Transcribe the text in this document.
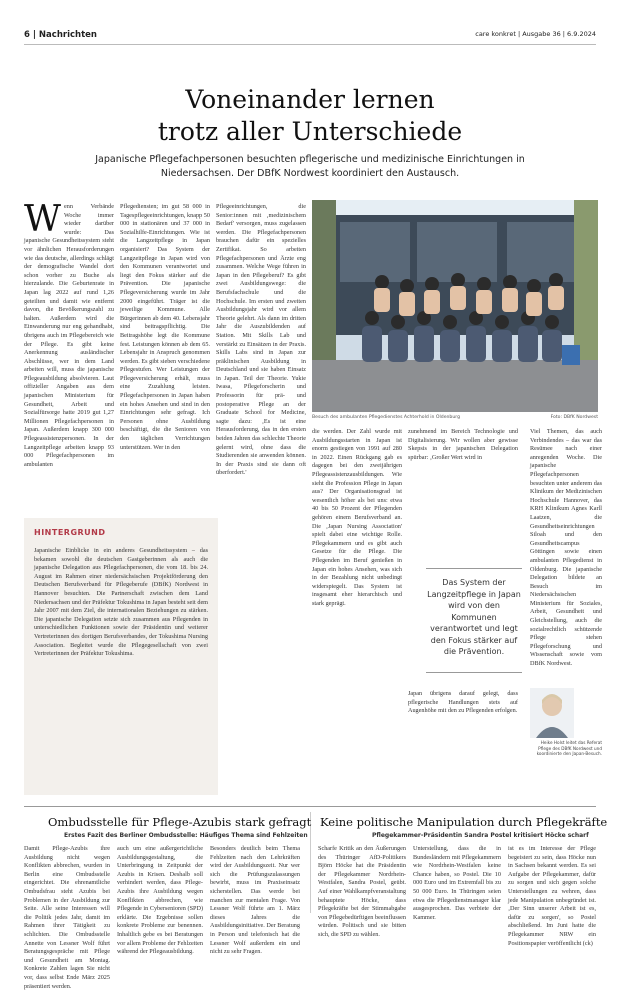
6 | Nachrichten	care konkret | Ausgabe 36 | 6.9.2024
Voneinander lernen
trotz aller Unterschiede
Japanische Pflegefachpersonen besuchten pflegerische und medizinische Einrichtungen in Niedersachsen. Der DBfK Nordwest koordiniert den Austausch.
Wenn Verbände Woche immer wieder darüber wurde: Das japanische Gesundheitssystem steht vor ähnlichen Herausforderungen wie das deutsche, allerdings schlägt der demografische Wandel dort schon vorher zu Buche als hierzulande. Die Geburtenrate in Japan lag 2022 auf rund 1,26 geteilten und damit wie entfernt davon, die Bevölkerungszahl zu halten. Außerdem wird die Einwanderung nur eng gehandhabt, übrigens auch im Pflegebereich wie der Pflege. Es gibt keine Anerkennung ausländischer Abschlüsse, wer in dem Land arbeiten will, muss die japanische Pflegeausbildung absolvieren. Laut offizieller Angaben aus dem japanischen Ministerium für Gesundheit, Arbeit und Sozialfürsorge hatte 2019 gut 1,27 Millionen Pflegefachpersonen in Japan. Außerdem knapp 300 000 Pflegeassistenzpersonen. In der Langzeitpflege arbeiten knapp 93 000 Pflegefachpersonen im ambulanten
Pflegediensten; im gut 58 000 in Tagespflegeeinrichtungen, knapp 50 000 in stationären und 37 000 in Sozialhilfe-Einrichtungen. Wie ist die Langzeitpflege in Japan organisiert? Das System der Langzeitpflege in Japan wird von den Kommunen verantwortet und liegt den Fokus stärker auf die Prävention. Die japanische Pflegeversicherung wurde im Jahr 2000 eingeführt. Träger ist die jeweilige Kommune. Alle Bürgerinnen ab dem 40. Lebensjahr sind beitragspflichtig. Die Beitragshöhe legt die Kommune fest. Leistungen können ab dem 65. Lebensjahr in Anspruch genommen werden. Es gibt sieben verschiedene Pflegestufen. Wer Leistungen der Pflegeversicherung erhält, muss eine Zuzahlung leisten. Pflegefachpersonen in Japan haben ein hohes Ansehen und sind in den Einrichtungen sehr gefragt. Ich Personen ohne Ausbildung beschäftigt, die die Senioren von den täglichen Verrichtungen unterstützen. Wer in den
Pflegeeinrichtungen, die Senior:innen mit ‚medizinischem Bedarf' versorgen, muss zugelassen werden. Die Pflegefachpersonen brauchen dafür ein spezielles Zertifikat. So arbeiten Pflegefachpersonen und Ärzte eng zusammen. Welche Wege führen in Japan in den Pflegeberuf? Es gibt zwei Ausbildungswege: die Berufsfachschule und die Hochschule. Im ersten und zweiten Ausbildungsjahr wird vor allem Theorie gelehrt. Als dann im dritten Jahr die Auszubildenden auf Station. Mit Skills Lab und verstärkt zu Einsätzen in der Praxis. Skills Labs sind in Japan zur präklinischen Ausbildung in Deutschland und sie haben Einsatz in Japan. Teil der Theorie. Yukie Iwasa, Pflegeforscherin und Professorin für prä- und postoperative Pflege an der Graduate School for Medicine, sagte dazu: ‚Es ist eine Herausforderung, das in den ersten beiden Jahren das schlechte Theorie gelernt wird, ohne dass die Studierenden sie anwenden können. In der Praxis sind sie dann oft überfordert.'
Besuch des ambulanten Pflegedienstes Achterhold in Oldenburg	Foto: DBfK Nordwest
die werden. Der Zahl wurde mit Ausbildungsstarten in Japan ist enorm gestiegen von 1991 auf 280 in 2022. Einen Rückgang gab es dagegen bei den zweijährigen Pflegeassistenzausbildungen. Wie sieht die Profession Pflege in Japan aus? Der Organisationsgrad ist wesentlich höher als bei uns: etwa 40 bis 50 Prozent der Pflegenden gehören einem Berufsverband an. Die ‚Japan Nursing Association' spielt dabei eine wichtige Rolle. Pflegekammern und es gibt auch Gesetze für die Pflege. Die Pflegenden im Beruf genießen in Japan ein hohes Ansehen, was sich in der Bezahlung nicht unbedingt widerspiegelt. Das System ist insgesamt eher hierarchisch und stark geprägt.
zunehmend im Bereich Technologie und Digitalisierung. Wir wollen aber gewisse Skepsis in der japanischen Delegation spürbar: ‚Großer Wert wird in
Japan übrigens darauf gelegt, dass pflegerische Handlungen stets auf Augenhöhe mit den zu Pflegenden erfolgen.
Viel Themen, das auch Verbindendes – das war das Resümee nach einer anregenden Woche. Die japanische Pflegefachpersonen besuchten unter anderem das Klinikum der Medizinischen Hochschule Hannover, das KRH Klinikum Agnes Karll Laatzen, die Gesundheitseinrichtungen Siloah und den Gesundheitscampus Göttingen sowie einen ambulanten Pflegedienst in Oldenburg. Die japanische Delegation bildete an Besuch im Niedersächsischen Ministerium für Soziales, Arbeit, Gesundheit und Gleichstellung, auch die sozialrechtlich schützende Pflege stehen Pflegeforschung und Wissenschaft sowie vom DBfK Nordwest.
Das System der Langzeitpflege in Japan wird von den Kommunen verantwortet und legt den Fokus stärker auf die Prävention.
Heike Holst leitet das Referat Pflege des DBfK Nordwest und koordinierte den Japan-Besuch.
HINTERGRUND
Japanische Einblicke in ein anderes Gesundheitssystem – das bekamen sowohl die deutschen Gastgeberinnen als auch die japanische Delegation aus Pflegefachpersonen, die vom 18. bis 24. August im Rahmen einer niedersächsischen Projektförderung den Deutschen Berufsverband für Pflegeberufe (DBfK) Nordwest in Hannover besuchten. Die Partnerschaft zwischen dem Land Niedersachsen und der Präfektur Tokushima in Japan besteht seit dem Jahr 2007 mit dem Ziel, die internationalen Beziehungen zu stärken. Die japanische Delegation setzte sich zusammen aus Pflegenden in unterschiedlichen Funktionen sowie der Präsidentin und weiterer Vertreterinnen des dortigen Berufsverbandes, der Tokushima Nursing Association. Begleitet wurde die Pflegegesellschaft von zwei Vertreterinnen der Präfektur Tokushima.
Ombudsstelle für Pflege-Azubis stark gefragt
Erstes Fazit des Berliner Ombudsstelle: Häufiges Thema sind Fehlzeiten
Damit Pflege-Azubis ihre Ausbildung nicht wegen Konflikten abbrechen, wurden in Berlin eine Ombudsstelle eingerichtet. Die ehrenamtliche Ombudsfrau steht Azubis bei Problemen in der Ausbildung zur Seite. Alle seine Interessen will die Politik jedes Jahr, damit im Rahmen ihrer Tätigkeit zu schlichten. Die Ombudsstelle Annette von Lessner Wolf führt Beratungsgespräche mit Pflege und Gesundheit am Montag. Konkrete Zahlen lagen Sie nicht vor, dass selbst Ende März 2025 präsentiert werden.
auch um eine außergerichtliche Ausbildungsgestaltung, die Unterbringung in Zeitpunkt der Azubis in Krisen. Deshalb soll verhindert werden, dass Pflege-Azubis ihre Ausbildung wegen Konflikten abbrechen, wie Pflegende in Cybersenioren (SPD) erklärte. Die Ergebnisse sollen konkrete Probleme zur benennen. Inhaltlich gebe es bei Beratungen vor allem Probleme der Fehlzeiten während der Pflegeausbildung.
Besonders deutlich beim Thema Fehlzeiten nach den Lehrkräften wird der Ausbildungszeit. Nur wer sich die Prüfungszulassungen bewirbt, muss im Praxiseinsatz sicherstellen. Das werde bei manchen zur mentalen Frage. Von Lessner Wolf führte am 1. März dieses Jahres die Ausbildungsinitiative. Der Beratung in Person und telefonisch hat die Lessner Wolf außerdem ein und nicht zu sehr Fragen.
Keine politische Manipulation durch Pflegekräfte
Pflegekammer-Präsidentin Sandra Postel kritisiert Höcke scharf
Scharfe Kritik an den Äußerungen des Thüringer AfD-Politikers Björn Höcke hat die Präsidentin der Pflegekammer Nordrhein-Westfalen, Sandra Postel, geübt. Auf einer Wahlkampfveranstaltung behauptete Höcke, dass Pflegekräfte bei der Stimmabgabe von Pflegebedürftigen beeinflussen würden. Politisch und sie bitten sich, die SPD zu wählen.
Unterstellung, dass die in Bundesländern mit Pflegekammern wie Nordrhein-Westfalen keine Chance haben, so Postel. Die 10 000 Euro und im Extremfall bis zu 50 000 Euro. In Thüringen seien etwa die Pflegedienstmanager klar ausgesprochen. Das verbiete der Kammer.
ist es im Interesse der Pflege begeistert zu sein, dass Höcke nun in Sachsen bekannt werden. Es sei Aufgabe der Pflegekammer, dafür zu sorgen und sich gegen solche Unterstellungen zu wehren, dass jede Manipulation unbegründet ist. ‚Der Sinn unserer Arbeit ist es, dafür zu sorgen', so Postel abschließend. Im Juni hatte die Pflegekammer NRW ein Positionspapier veröffentlicht (ck)
